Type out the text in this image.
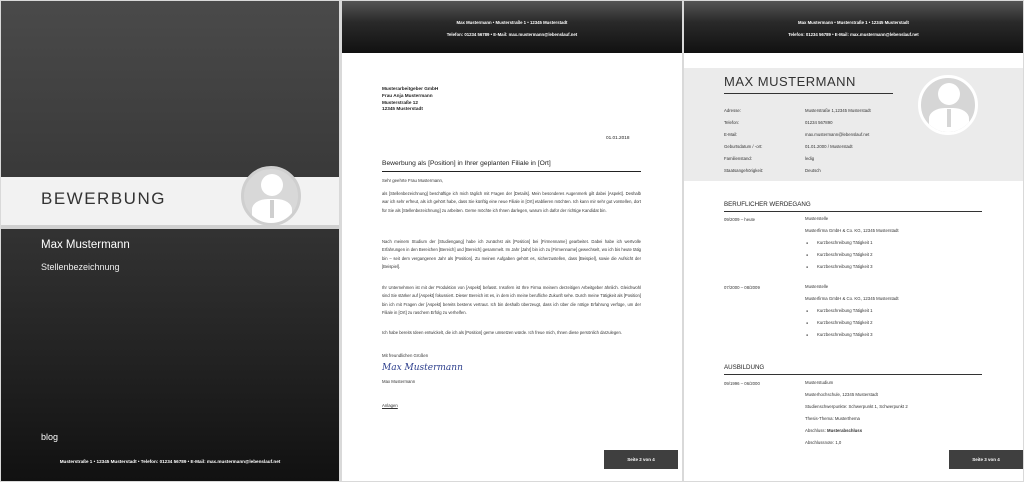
BEWERBUNG
Max Mustermann
Stellenbezeichnung
blog
Musterstraße 1 • 12345 Musterstadt • Telefon: 01234 56789 • E-Mail: max.mustermann@lebenslauf.net
Max Mustermann • Musterstraße 1 • 12345 Musterstadt
Telefon: 01234 56789 • E-Mail: max.mustermann@lebenslauf.net
Musterarbeitgeber GmbH
Frau Anja Mustermann
Musterstraße 12
12345 Musterstadt
01.01.2018
Bewerbung als [Position] in Ihrer geplanten Filiale in [Ort]
Sehr geehrte Frau Mustermann,
als [Stellenbezeichnung] beschäftige ich mich täglich mit Fragen der [Details]. Mein besonderes Augenmerk gilt dabei [Aspekt]. Deshalb war ich sehr erfreut, als ich gehört habe, dass Sie künftig eine neue Filiale in [Ort] etablieren möchten. Ich kann mir sehr gut vorstellen, dort für Sie als [Stellenbezeichnung] zu arbeiten. Gerne möchte ich Ihnen darlegen, warum ich dafür der richtige Kandidat bin.
Nach meinem Studium der [Studiengang] habe ich zunächst als [Position] bei [Firmenname] gearbeitet. Dabei habe ich wertvolle Erfahrungen in den Bereichen [Bereich] und [Bereich] gesammelt. Im Jahr [Jahr] bin ich zu [Firmenname] gewechselt, wo ich bis heute tätig bin – seit dem vergangenen Jahr als [Position]. Zu meinen Aufgaben gehört es, sicherzustellen, dass [Beispiel], sowie die Aufsicht der [Beispiel].
Ihr Unternehmen ist mit der Produktion von [Aspekt] befasst. Insofern ist Ihre Firma meinem derzeitigen Arbeitgeber ähnlich. Gleichwohl sind Sie stärker auf [Aspekt] fokussiert. Dieser Bereich ist es, in dem ich meine berufliche Zukunft sehe. Durch meine Tätigkeit als [Position] bin ich mit Fragen der [Aspekt] bereits bestens vertraut. Ich bin deshalb überzeugt, dass ich über die nötige Erfahrung verfüge, um der Filiale in [Ort] zu raschem Erfolg zu verhelfen.
Ich habe bereits Ideen entwickelt, die ich als [Position] gerne umsetzen würde. Ich freue mich, Ihnen diese persönlich darzulegen.
Mit freundlichen Grüßen
Max Mustermann
Max Mustermann
Anlagen
Seite 2 von 4
Max Mustermann • Musterstraße 1 • 12345 Musterstadt
Telefon: 01234 56789 • E-Mail: max.mustermann@lebenslauf.net
MAX MUSTERMANN
Adresse:	Musterstraße 1,12345 Musterstadt
Telefon:	01234 567890
E-Mail:	max.mustermann@lebenslauf.net
Geburtsdatum / -ort:	01.01.2000 / Musterstadt
Familienstand:	ledig
Staatsangehörigkeit:	Deutsch
BERUFLICHER WERDEGANG
09/2009 – heute	Musterstelle
Musterfirma GmbH & Co. KG, 12345 Musterstadt
● Kurzbeschreibung Tätigkeit 1
● Kurzbeschreibung Tätigkeit 2
● Kurzbeschreibung Tätigkeit 3
07/2000 – 08/2009	Musterstelle
Musterfirma GmbH & Co. KG, 12345 Musterstadt
● Kurzbeschreibung Tätigkeit 1
● Kurzbeschreibung Tätigkeit 2
● Kurzbeschreibung Tätigkeit 3
AUSBILDUNG
09/1996 – 06/2000	Musterstudium
Musterhochschule, 12345 Musterstadt
Studienschwerpunkte: Schwerpunkt 1, Schwerpunkt 2
Thesis-Thema: Musterthema
Abschluss: Musterabschluss
Abschlussnote: 1,0
Seite 3 von 4
